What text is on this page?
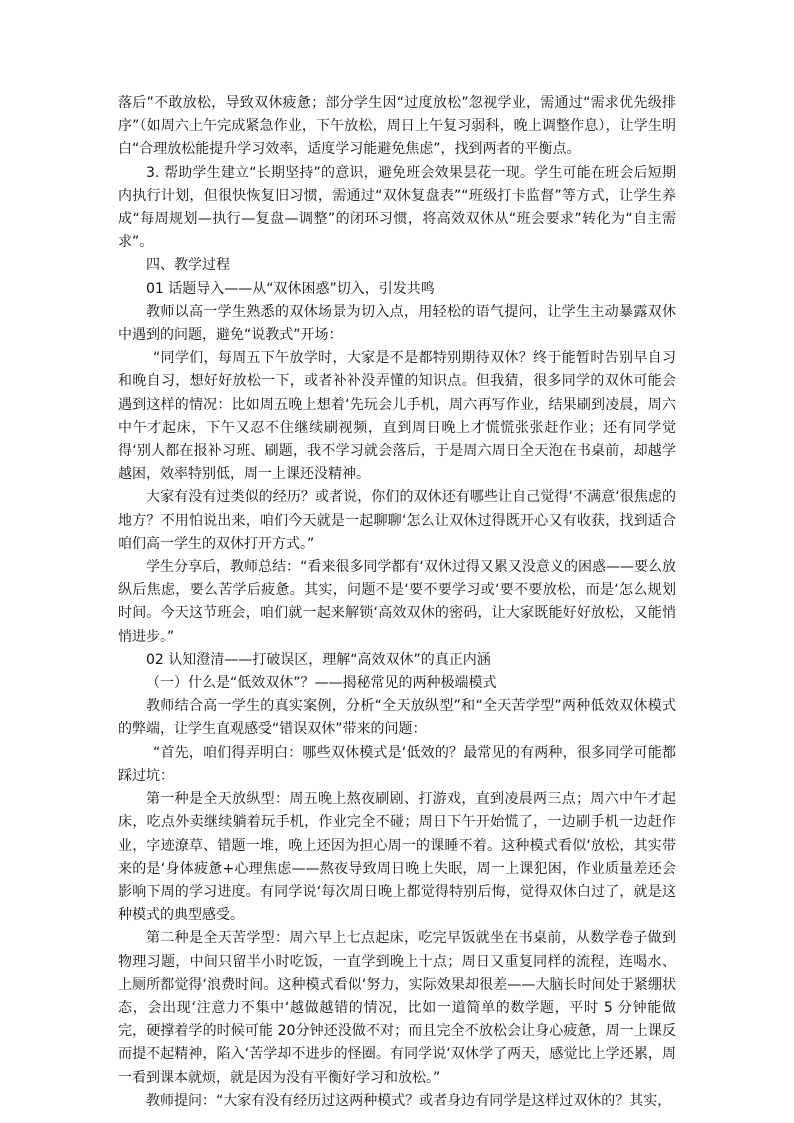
落后”不敢放松，导致双休疲惫；部分学生因“过度放松”忽视学业，需通过“需求优先级排序”（如周六上午完成紧急作业，下午放松，周日上午复习弱科，晚上调整作息），让学生明白“合理放松能提升学习效率，适度学习能避免焦虑”，找到两者的平衡点。

3. 帮助学生建立“长期坚持”的意识，避免班会效果昙花一现。学生可能在班会后短期内执行计划，但很快恢复旧习惯，需通过“双休复盘表”“班级打卡监督”等方式，让学生养成“每周规划—执行—复盘—调整”的闭环习惯，将高效双休从“班会要求”转化为“自主需求”。

四、教学过程

01 话题导入——从“双休困惑”切入，引发共鸣

教师以高一学生熟悉的双休场景为切入点，用轻松的语气提问，让学生主动暴露双休中遇到的问题，避免“说教式”开场：

“同学们，每周五下午放学时，大家是不是都特别期待双休？终于能暂时告别早自习和晚自习，想好好放松一下，或者补补没弄懂的知识点。但我猜，很多同学的双休可能会遇到这样的情况：比如周五晚上想着‘先玩会儿手机，周六再写作业，结果刷到凌晨，周六中午才起床，下午又忍不住继续刷视频，直到周日晚上才慌慌张张赶作业；还有同学觉得‘别人都在报补习班、刷题，我不学习就会落后，于是周六周日全天泡在书桌前，却越学越困，效率特别低，周一上课还没精神。

大家有没有过类似的经历？或者说，你们的双休还有哪些让自己觉得‘不满意‘很焦虑的地方？不用怕说出来，咱们今天就是一起聊聊‘怎么让双休过得既开心又有收获，找到适合咱们高一学生的双休打开方式。”

学生分享后，教师总结：“看来很多同学都有‘双休过得又累又没意义的困惑——要么放纵后焦虑，要么苦学后疲惫。其实，问题不是‘要不要学习或‘要不要放松，而是‘怎么规划时间。今天这节班会，咱们就一起来解锁‘高效双休的密码，让大家既能好好放松，又能悄悄进步。”

02 认知澄清——打破误区，理解“高效双休”的真正内涵

（一）什么是“低效双休”？——揭秘常见的两种极端模式

教师结合高一学生的真实案例，分析“全天放纵型”和“全天苦学型”两种低效双休模式的弊端，让学生直观感受“错误双休”带来的问题：

“首先，咱们得弄明白：哪些双休模式是‘低效的？最常见的有两种，很多同学可能都踩过坑：

第一种是全天放纵型：周五晚上熬夜刷剧、打游戏，直到凌晨两三点；周六中午才起床，吃点外卖继续躺着玩手机，作业完全不碰；周日下午开始慌了，一边刷手机一边赶作业，字迹潦草、错题一堆，晚上还因为担心周一的课睡不着。这种模式看似‘放松，其实带来的是‘身体疲惫+心理焦虑——熬夜导致周日晚上失眠，周一上课犯困，作业质量差还会影响下周的学习进度。有同学说‘每次周日晚上都觉得特别后悔，觉得双休白过了，就是这种模式的典型感受。

第二种是全天苦学型：周六早上七点起床，吃完早饭就坐在书桌前，从数学卷子做到物理习题，中间只留半小时吃饭，一直学到晚上十点；周日又重复同样的流程，连喝水、上厕所都觉得‘浪费时间。这种模式看似‘努力，实际效果却很差——大脑长时间处于紧绷状态，会出现‘注意力不集中‘越做越错的情况，比如一道简单的数学题，平时 5 分钟能做完，硬撑着学的时候可能 20分钟还没做不对；而且完全不放松会让身心疲惫，周一上课反而提不起精神，陷入‘苦学却不进步的怪圈。有同学说‘双休学了两天，感觉比上学还累，周一看到课本就烦，就是因为没有平衡好学习和放松。”

教师提问：“大家有没有经历过这两种模式？或者身边有同学是这样过双休的？其实，
